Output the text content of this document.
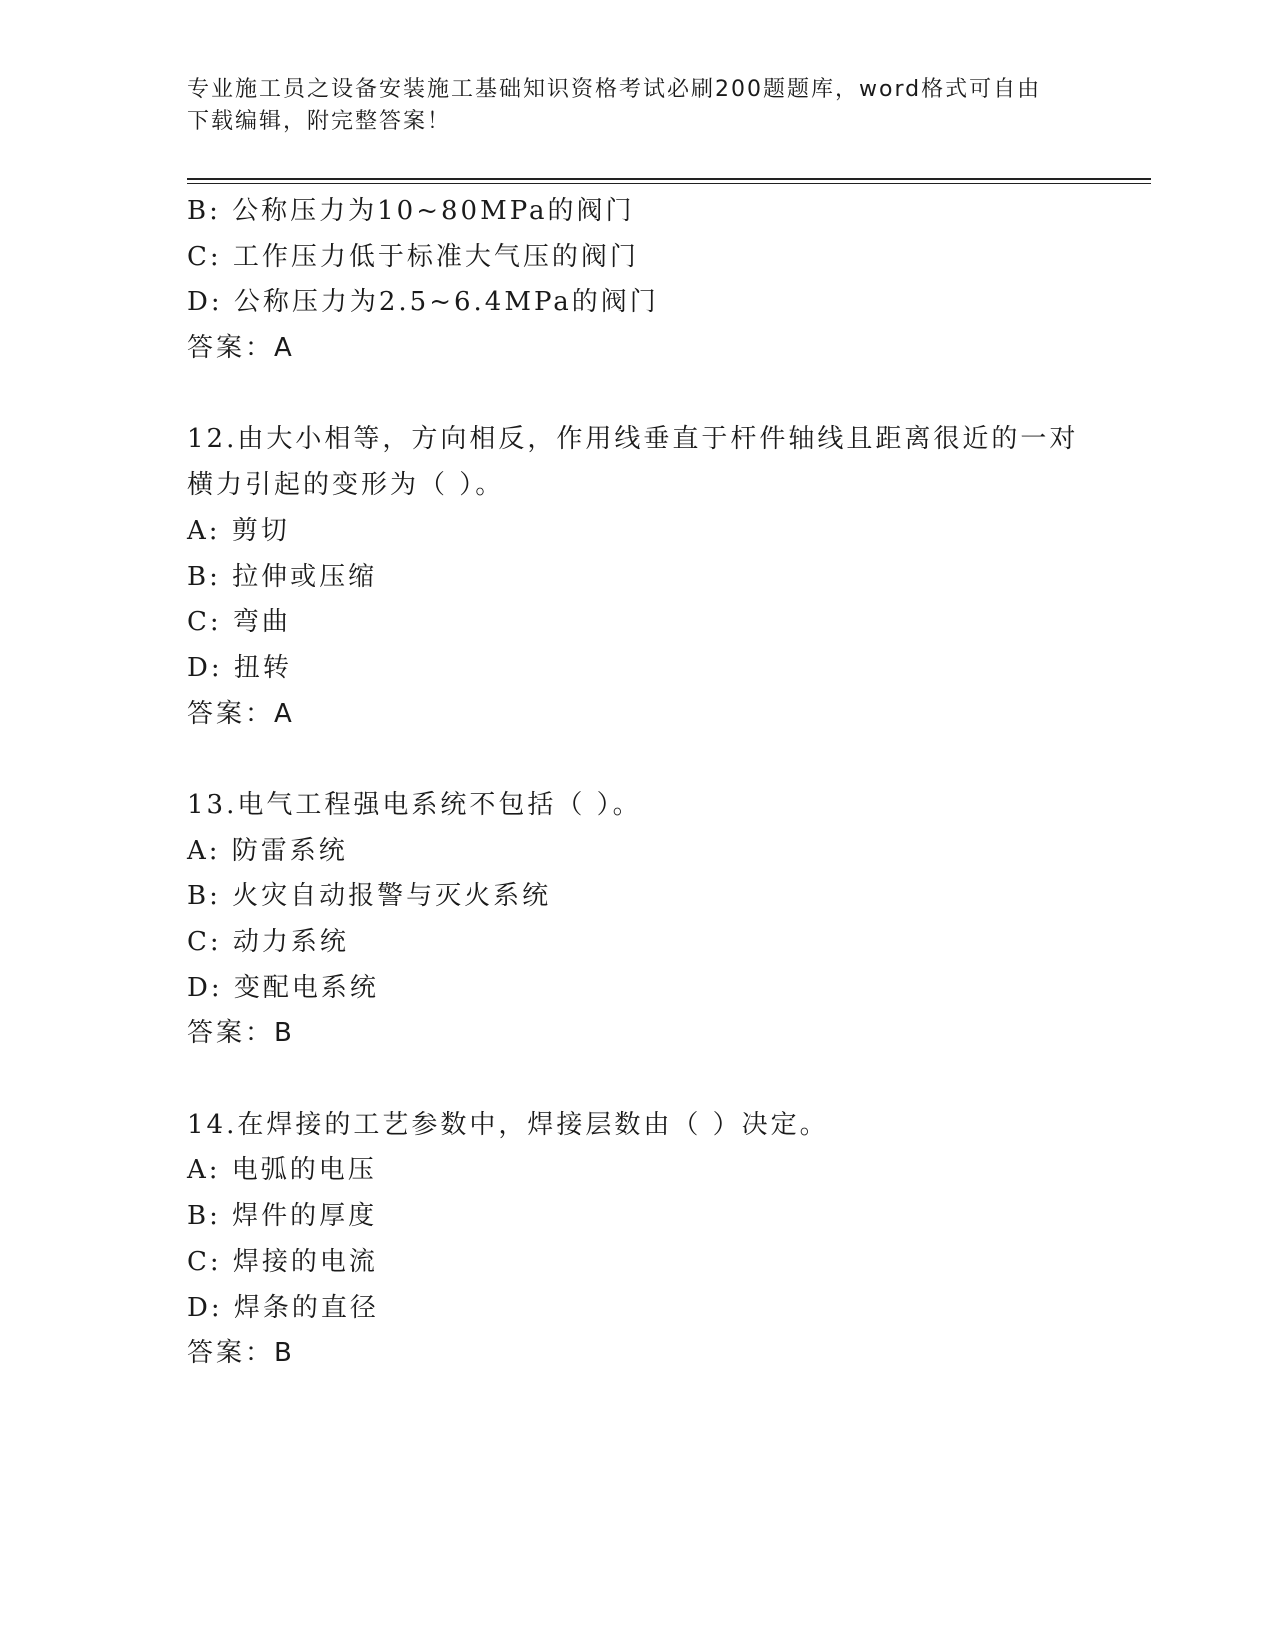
专业施工员之设备安装施工基础知识资格考试必刷200题题库，word格式可自由
下载编辑，附完整答案！
B: 公称压力为10~80MPa的阀门
C: 工作压力低于标准大气压的阀门
D: 公称压力为2.5~6.4MPa的阀门
答案：A
12.由大小相等，方向相反，作用线垂直于杆件轴线且距离很近的一对
横力引起的变形为（ ）。
A: 剪切
B: 拉伸或压缩
C: 弯曲
D: 扭转
答案：A
13.电气工程强电系统不包括（ ）。
A: 防雷系统
B: 火灾自动报警与灭火系统
C: 动力系统
D: 变配电系统
答案：B
14.在焊接的工艺参数中，焊接层数由（ ）决定。
A: 电弧的电压
B: 焊件的厚度
C: 焊接的电流
D: 焊条的直径
答案：B
